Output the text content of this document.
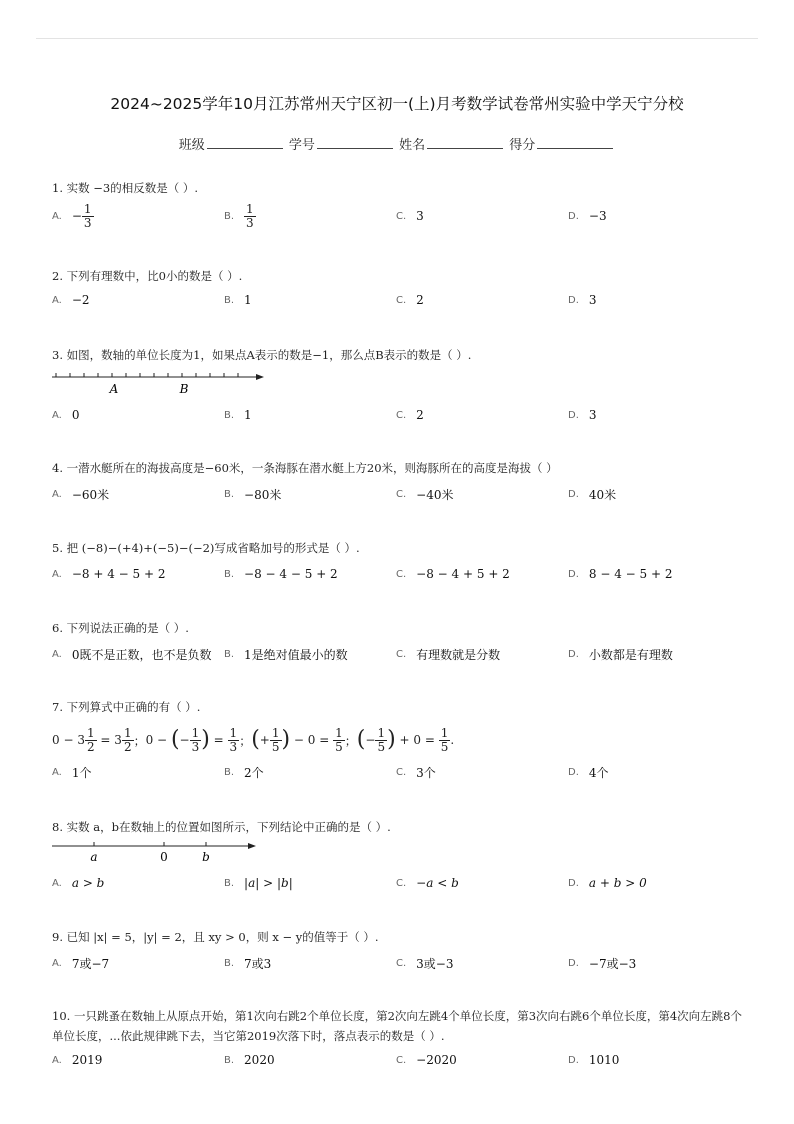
2024~2025学年10月江苏常州天宁区初一(上)月考数学试卷常州实验中学天宁分校
班级	学号	姓名	得分
1. 实数 −3的相反数是（ ）.
A. − $\frac{1}{3}$	B. $\frac{1}{3}$	C. 3	D. −3
2. 下列有理数中，比0小的数是（ ）.
A. −2	B. 1	C. 2	D. 3
3. 如图，数轴的单位长度为1，如果点A表示的数是−1，那么点B表示的数是（ ）.
A	B
A. 0	B. 1	C. 2	D. 3
4. 一潜水艇所在的海拔高度是−60米，一条海豚在潜水艇上方20米，则海豚所在的高度是海拔（ ）
A. −60米	B. −80米	C. −40米	D. 40米
5. 把 (−8)−(+4)+(−5)−(−2)写成省略加号的形式是（ ）.
A. −8 + 4 − 5 + 2	B. −8 − 4 − 5 + 2	C. −8 − 4 + 5 + 2	D. 8 − 4 − 5 + 2
6. 下列说法正确的是（ ）.
A. 0既不是正数，也不是负数 B. 1是绝对值最小的数	C. 有理数就是分数	D. 小数都是有理数
7. 下列算式中正确的有（ ）.
$0 - 3 \frac{1}{2}$
= $3 \frac{1}{2}$ ； 0 −
( − $\frac{1}{3}$ )
=
$\frac{1}{3}$ ； ( + $\frac{1}{5}$ )
− 0 =
$\frac{1}{5}$ ； ( − $\frac{1}{5}$ )
+ 0 =
$\frac{1}{5}$ .
A. 1个	B. 2个	C. 3个	D. 4个
8. 实数 a，b在数轴上的位置如图所示，下列结论中正确的是（ ）.
a	0	b
A. a > b	B. |a| > |b|	C. −a < b	D. a + b > 0
9. 已知 |x| = 5，|y| = 2，且 xy > 0，则 x − y的值等于（ ）.
A. 7或−7	B. 7或3	C. 3或−3	D. −7或−3
10. 一只跳蚤在数轴上从原点开始，第1次向右跳2个单位长度，第2次向左跳4个单位长度，第3次向右跳6个单位长度，第4次向左跳8个单位长度，...依此规律跳下去，当它第2019次落下时，落点表示的数是（ ）.
A. 2019	B. 2020	C. −2020	D. 1010
